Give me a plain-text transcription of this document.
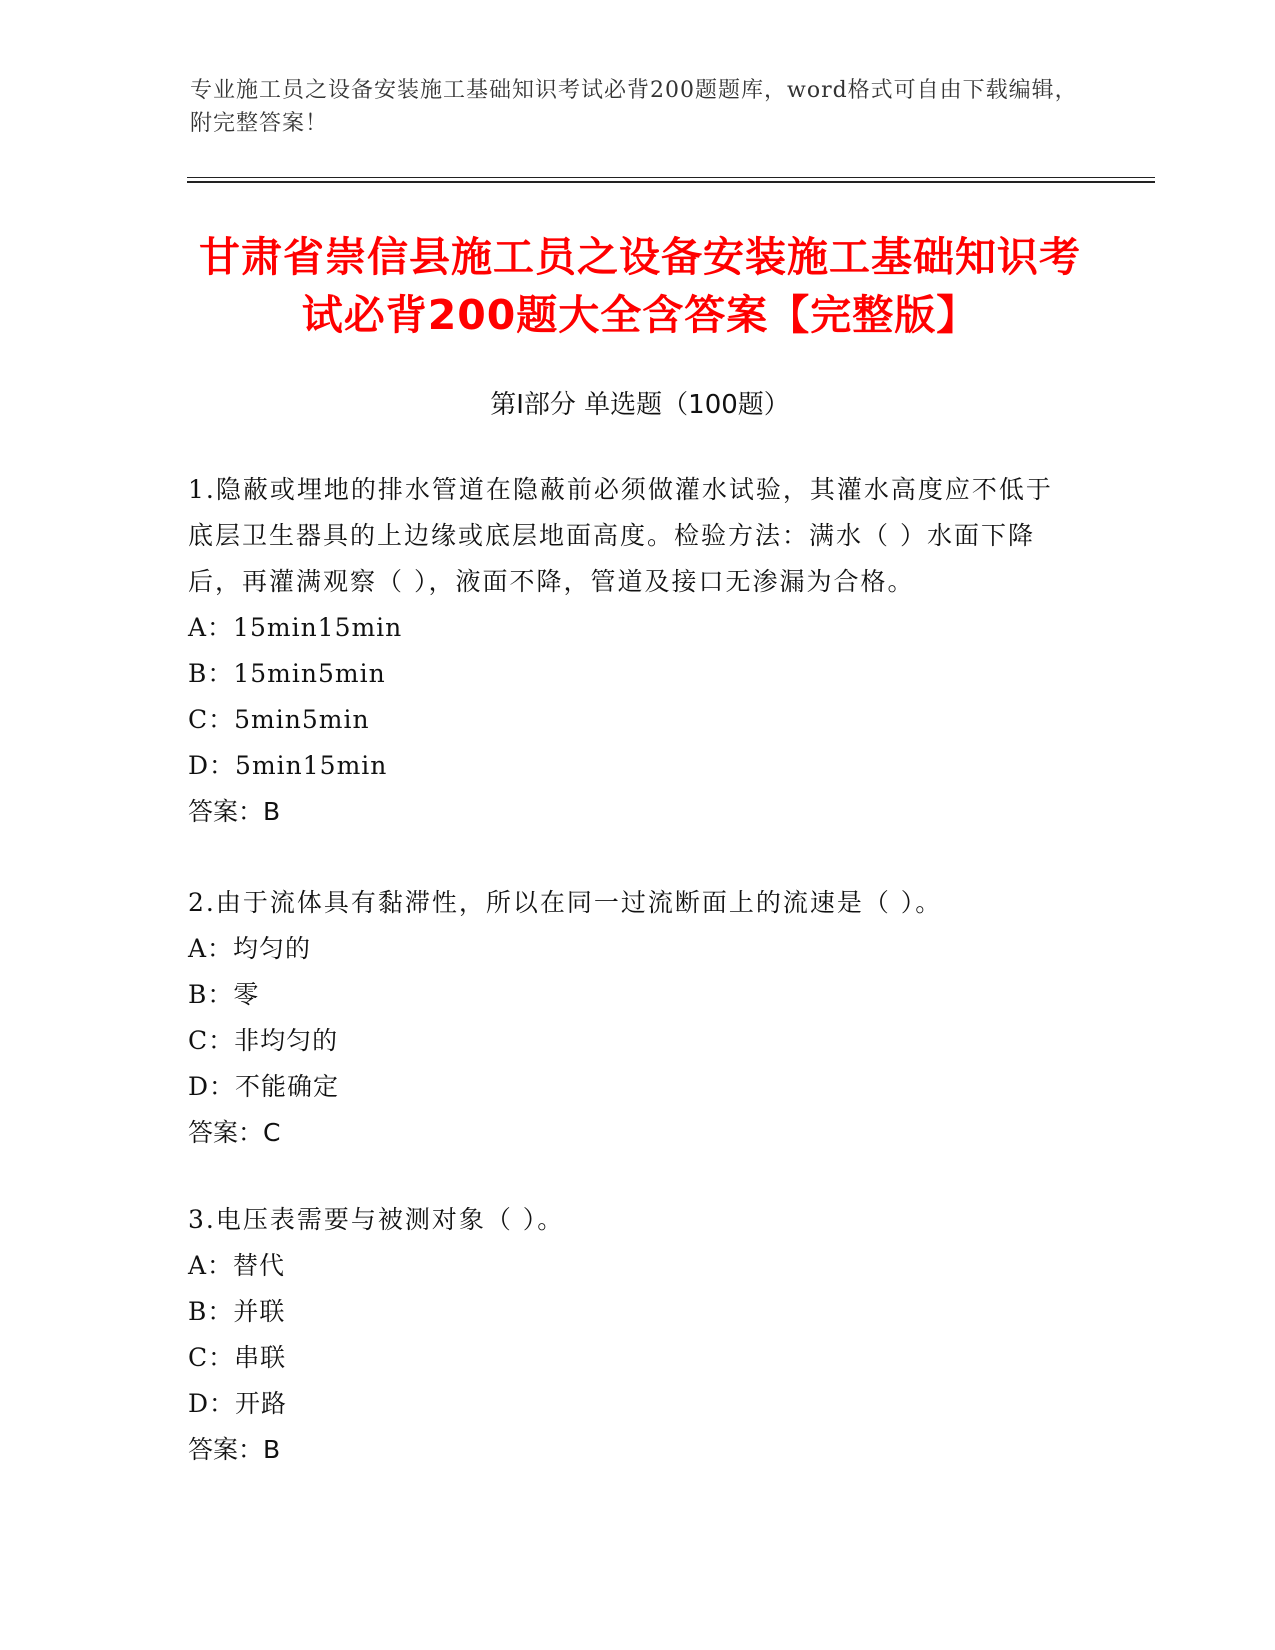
专业施工员之设备安装施工基础知识考试必背200题题库，word格式可自由下载编辑，附完整答案！
甘肃省崇信县施工员之设备安装施工基础知识考试必背200题大全含答案【完整版】
第Ⅰ部分 单选题（100题）

1.隐蔽或埋地的排水管道在隐蔽前必须做灌水试验，其灌水高度应不低于底层卫生器具的上边缘或底层地面高度。检验方法：满水（ ）水面下降后，再灌满观察（ ），液面不降，管道及接口无渗漏为合格。

A：15min15min

B：15min5min

C：5min5min

D：5min15min

答案：B

2.由于流体具有黏滞性，所以在同一过流断面上的流速是（ ）。

A：均匀的

B：零

C：非均匀的

D：不能确定

答案：C

3.电压表需要与被测对象（ ）。

A：替代

B：并联

C：串联

D：开路

答案：B
